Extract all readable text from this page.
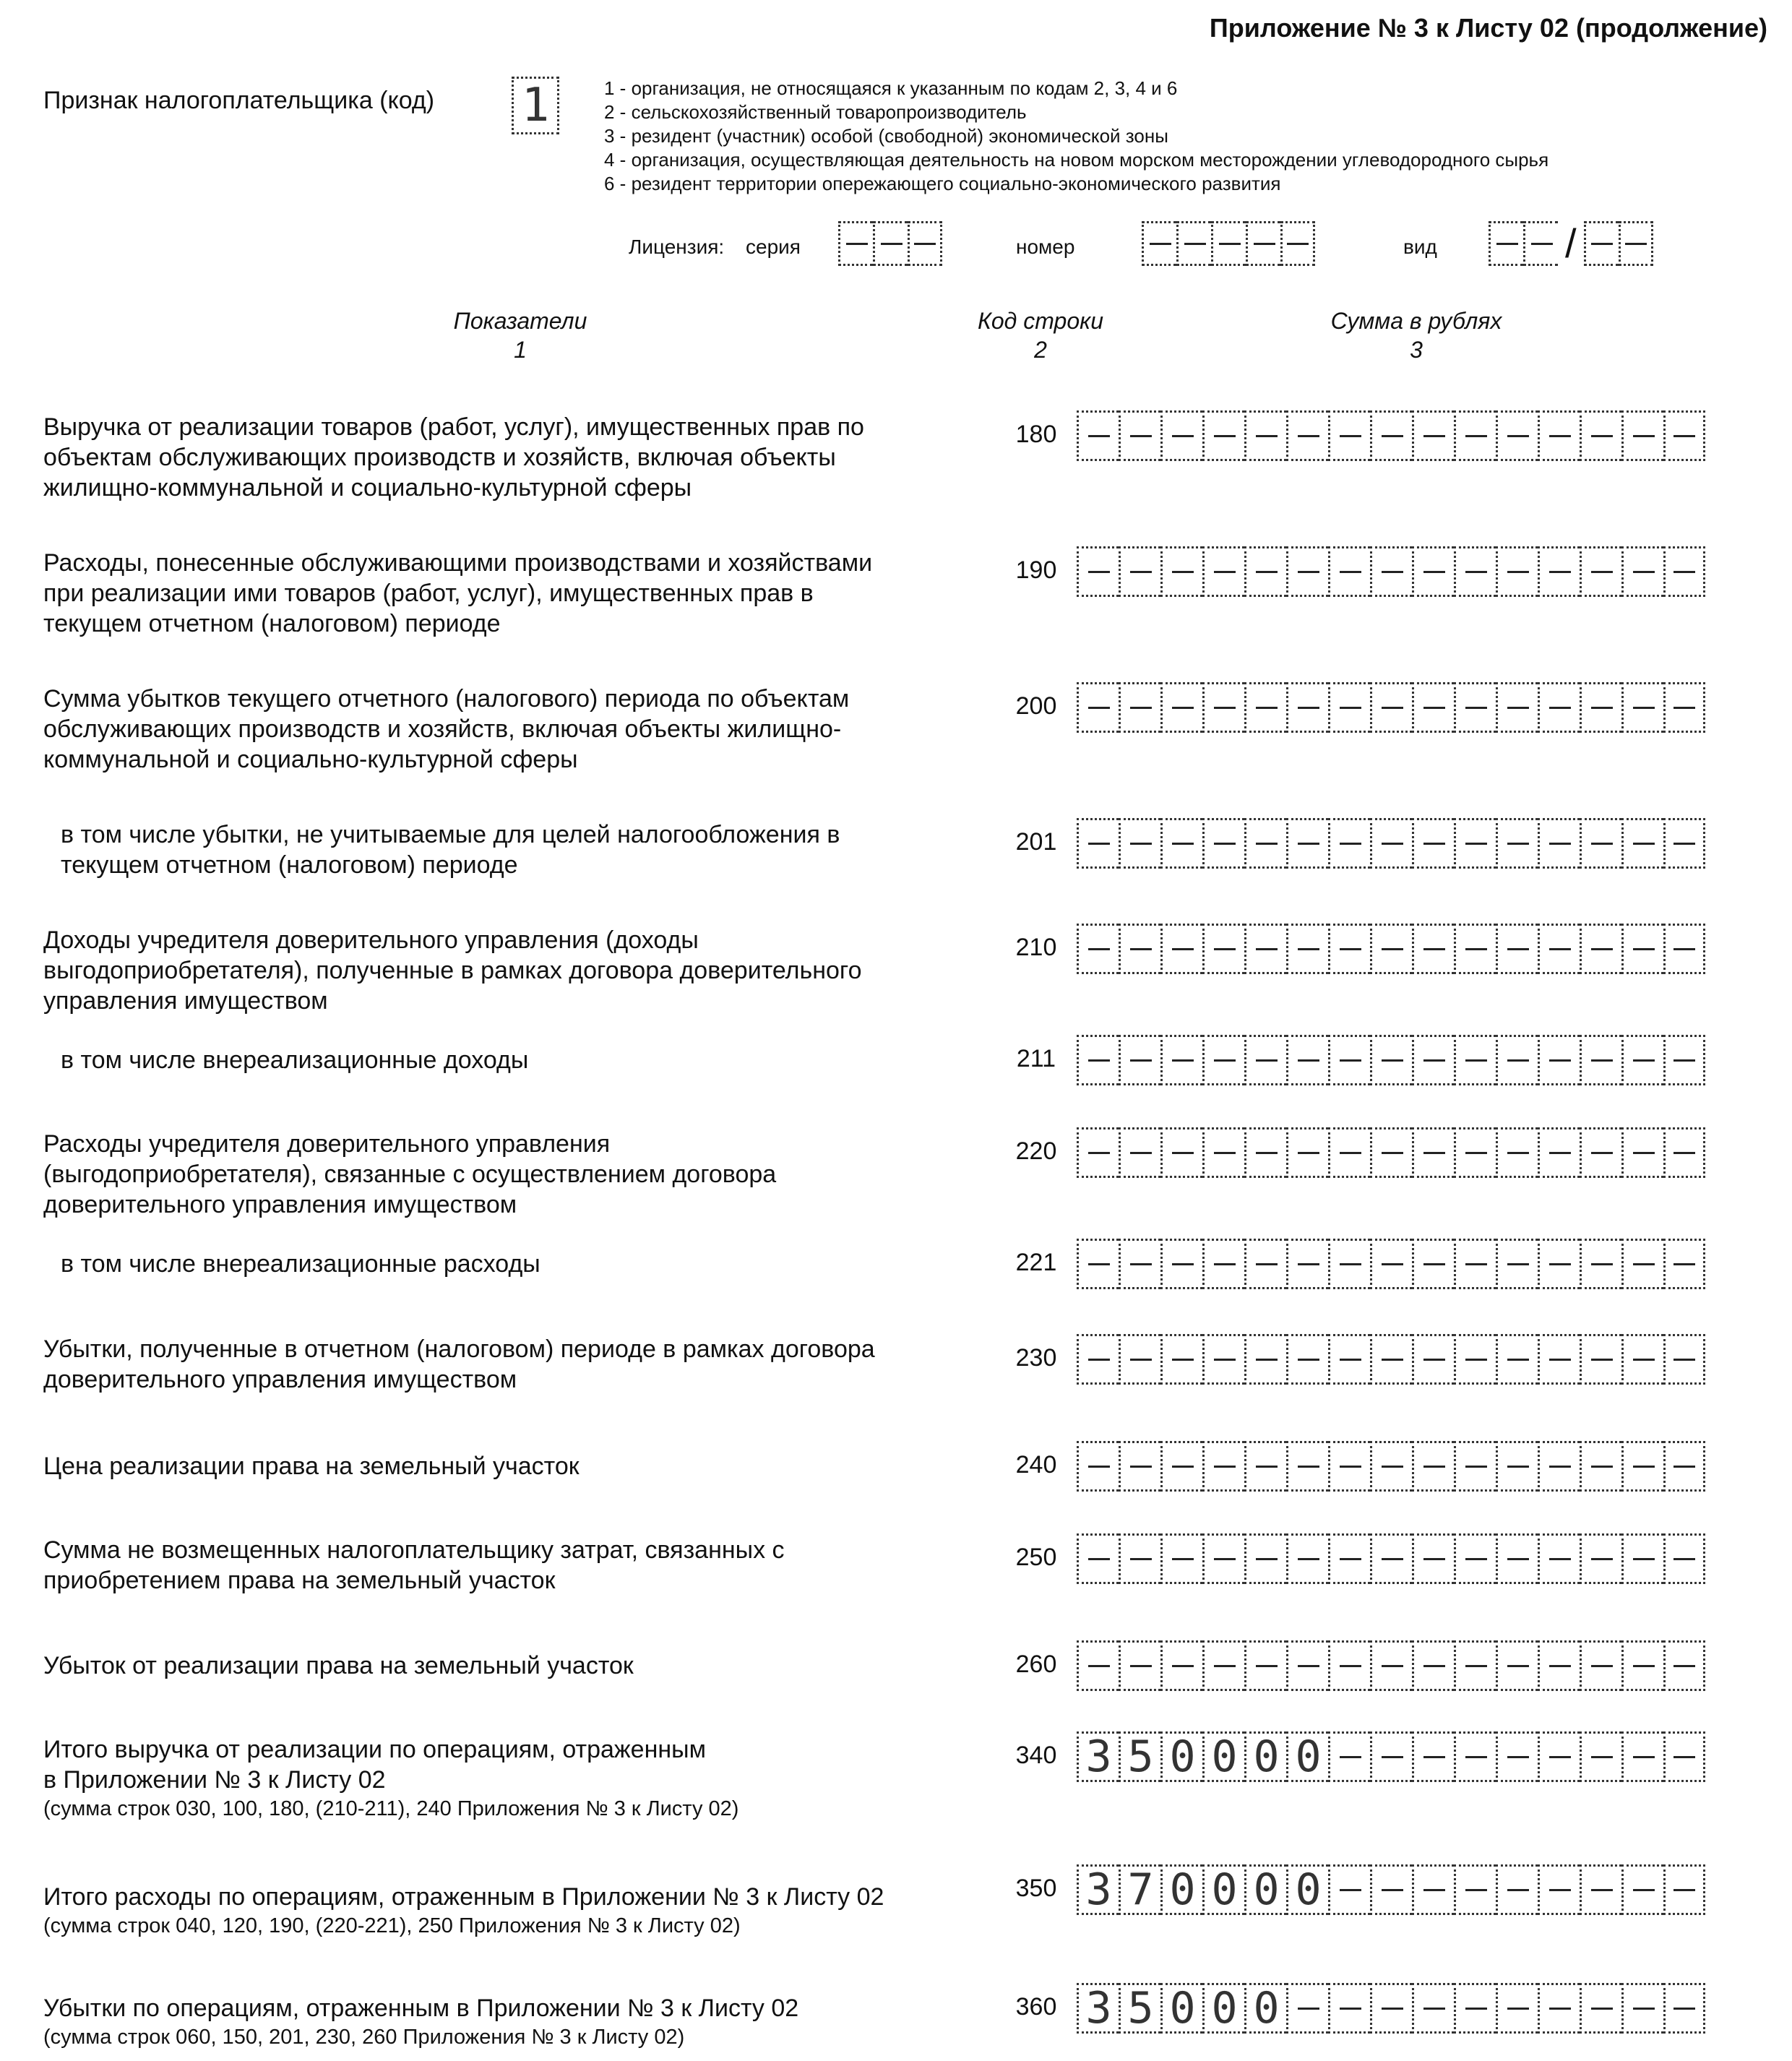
Приложение № 3 к Листу 02 (продолжение)
Признак налогоплательщика (код) 1	1 - организация, не относящаяся к указанным по кодам 2, 3, 4 и 6
2 - сельскохозяйственный товаропроизводитель
3 - резидент (участник) особой (свободной) экономической зоны
4 - организация, осуществляющая деятельность на новом морском месторождении углеводородного сырья
6 - резидент территории опережающего социально-экономического развития
Лицензия: серия	номер	вид	/
Показатели
1
Код строки
2
Сумма в рублях
3
Выручка от реализации товаров (работ, услуг), имущественных прав по
объектам обслуживающих производств и хозяйств, включая объекты
жилищно-коммунальной и социально-культурной сферы
180
Расходы, понесенные обслуживающими производствами и хозяйствами
при реализации ими товаров (работ, услуг), имущественных прав в
текущем отчетном (налоговом) периоде
190
Сумма убытков текущего отчетного (налогового) периода по объектам
обслуживающих производств и хозяйств, включая объекты жилищно-
коммунальной и социально-культурной сферы
200
в том числе убытки, не учитываемые для целей налогообложения в
текущем отчетном (налоговом) периоде
201
Доходы учредителя доверительного управления (доходы
выгодоприобретателя), полученные в рамках договора доверительного
управления имуществом
210
в том числе внереализационные доходы	211
Расходы учредителя доверительного управления
(выгодоприобретателя), связанные с осуществлением договора
доверительного управления имуществом
220
в том числе внереализационные расходы	221
Убытки, полученные в отчетном (налоговом) периоде в рамках договора
доверительного управления имуществом
230
Цена реализации права на земельный участок	240
Сумма не возмещенных налогоплательщику затрат, связанных с
приобретением права на земельный участок
250
Убыток от реализации права на земельный участок	260
Итого выручка от реализации по операциям, отраженным
в Приложении № 3 к Листу 02
(сумма строк 030, 100, 180, (210-211), 240 Приложения № 3 к Листу 02)
340 3 5 0 0 0 0
Итого расходы по операциям, отраженным в Приложении № 3 к Листу 02
(сумма строк 040, 120, 190, (220-221), 250 Приложения № 3 к Листу 02)
350 3 7 0 0 0 0
Убытки по операциям, отраженным в Приложении № 3 к Листу 02
(сумма строк 060, 150, 201, 230, 260 Приложения № 3 к Листу 02)
360 3 5 0 0 0
